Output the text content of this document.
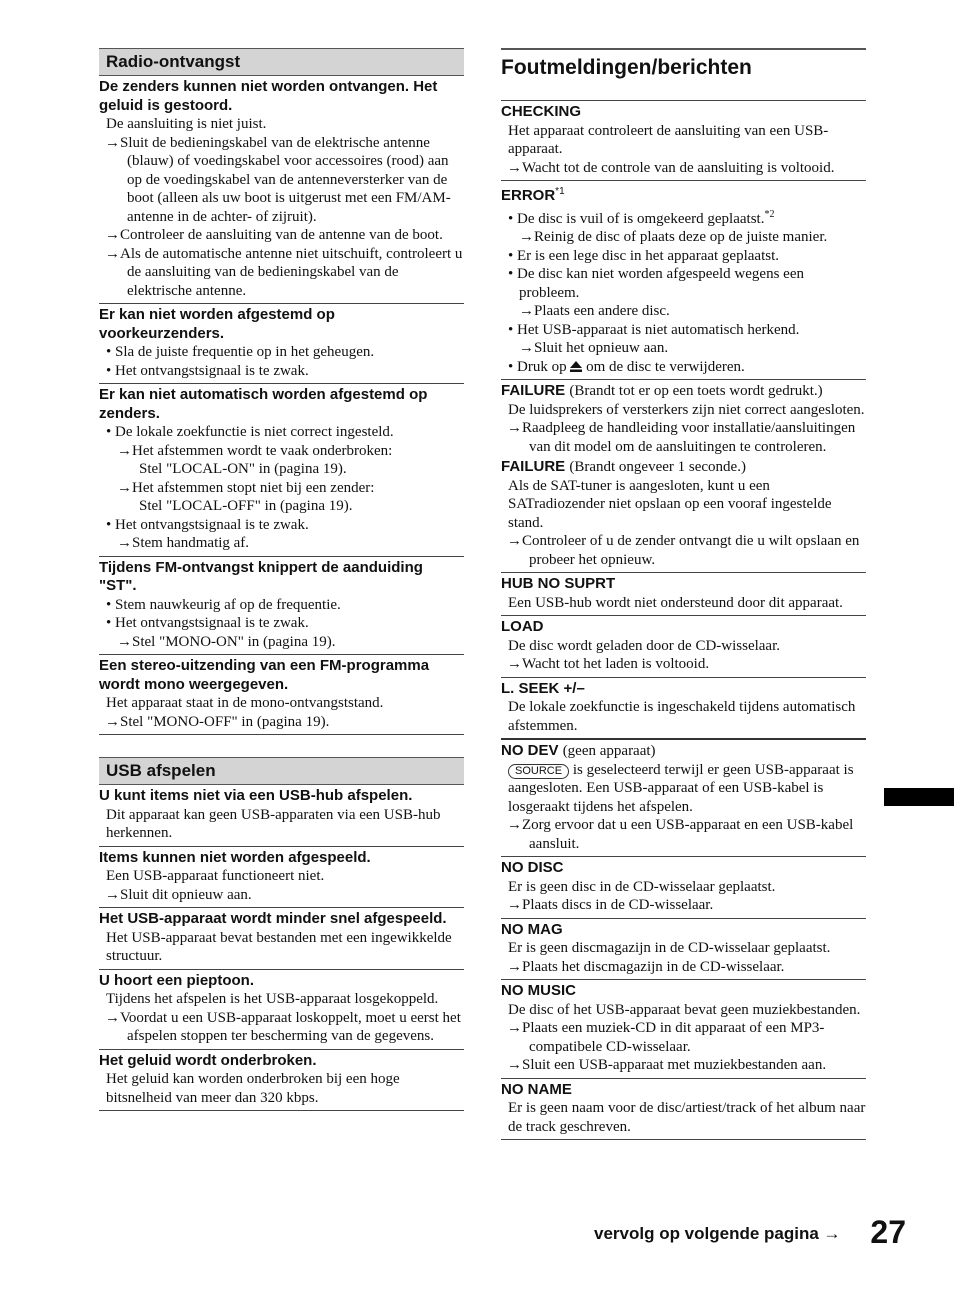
Radio-ontvangst
De zenders kunnen niet worden ontvangen. Het geluid is gestoord.
De aansluiting is niet juist.
→ Sluit de bedieningskabel van de elektrische antenne (blauw) of voedingskabel voor accessoires (rood) aan op de voedingskabel van de antenneversterker van de boot (alleen als uw boot is uitgerust met een FM/AM-antenne in de achter- of zijruit).
→ Controleer de aansluiting van de antenne van de boot.
→ Als de automatische antenne niet uitschuift, controleert u de aansluiting van de bedieningskabel van de elektrische antenne.
Er kan niet worden afgestemd op voorkeurzenders.
• Sla de juiste frequentie op in het geheugen.
• Het ontvangstsignaal is te zwak.
Er kan niet automatisch worden afgestemd op zenders.
• De lokale zoekfunctie is niet correct ingesteld.
→ Het afstemmen wordt te vaak onderbroken:
Stel "LOCAL-ON" in (pagina 19).
→ Het afstemmen stopt niet bij een zender:
Stel "LOCAL-OFF" in (pagina 19).
• Het ontvangstsignaal is te zwak.
→ Stem handmatig af.
Tijdens FM-ontvangst knippert de aanduiding "ST".
• Stem nauwkeurig af op de frequentie.
• Het ontvangstsignaal is te zwak.
→ Stel "MONO-ON" in (pagina 19).
Een stereo-uitzending van een FM-programma wordt mono weergegeven.
Het apparaat staat in de mono-ontvangststand.
→ Stel "MONO-OFF" in (pagina 19).
USB afspelen
U kunt items niet via een USB-hub afspelen.
Dit apparaat kan geen USB-apparaten via een USB-hub herkennen.
Items kunnen niet worden afgespeeld.
Een USB-apparaat functioneert niet.
→ Sluit dit opnieuw aan.
Het USB-apparaat wordt minder snel afgespeeld.
Het USB-apparaat bevat bestanden met een ingewikkelde structuur.
U hoort een pieptoon.
Tijdens het afspelen is het USB-apparaat losgekoppeld.
→ Voordat u een USB-apparaat loskoppelt, moet u eerst het afspelen stoppen ter bescherming van de gegevens.
Het geluid wordt onderbroken.
Het geluid kan worden onderbroken bij een hoge bitsnelheid van meer dan 320 kbps.
Foutmeldingen/berichten
CHECKING
Het apparaat controleert de aansluiting van een USB-apparaat.
→ Wacht tot de controle van de aansluiting is voltooid.
ERROR$^{*1}$
• De disc is vuil of is omgekeerd geplaatst.$^{*2}$
→ Reinig de disc of plaats deze op de juiste manier.
• Er is een lege disc in het apparaat geplaatst.
• De disc kan niet worden afgespeeld wegens een probleem.
→ Plaats een andere disc.
• Het USB-apparaat is niet automatisch herkend.
→ Sluit het opnieuw aan.
• Druk op om de disc te verwijderen.
FAILURE (Brandt tot er op een toets wordt gedrukt.)
De luidsprekers of versterkers zijn niet correct aangesloten.
→ Raadpleeg de handleiding voor installatie/aansluitingen van dit model om de aansluitingen te controleren.
FAILURE (Brandt ongeveer 1 seconde.)
Als de SAT-tuner is aangesloten, kunt u een SATradiozender niet opslaan op een vooraf ingestelde stand.
→ Controleer of u de zender ontvangt die u wilt opslaan en probeer het opnieuw.
HUB NO SUPRT
Een USB-hub wordt niet ondersteund door dit apparaat.
LOAD
De disc wordt geladen door de CD-wisselaar.
→ Wacht tot het laden is voltooid.
L. SEEK +/–
De lokale zoekfunctie is ingeschakeld tijdens automatisch afstemmen.
NO DEV (geen apparaat)
SOURCE is geselecteerd terwijl er geen USB-apparaat is aangesloten. Een USB-apparaat of een USB-kabel is losgeraakt tijdens het afspelen.
→ Zorg ervoor dat u een USB-apparaat en een USB-kabel aansluit.
NO DISC
Er is geen disc in de CD-wisselaar geplaatst.
→ Plaats discs in de CD-wisselaar.
NO MAG
Er is geen discmagazijn in de CD-wisselaar geplaatst.
→ Plaats het discmagazijn in de CD-wisselaar.
NO MUSIC
De disc of het USB-apparaat bevat geen muziekbestanden.
→ Plaats een muziek-CD in dit apparaat of een MP3-compatibele CD-wisselaar.
→ Sluit een USB-apparaat met muziekbestanden aan.
NO NAME
Er is geen naam voor de disc/artiest/track of het album naar de track geschreven.
vervolg op volgende pagina → 27
